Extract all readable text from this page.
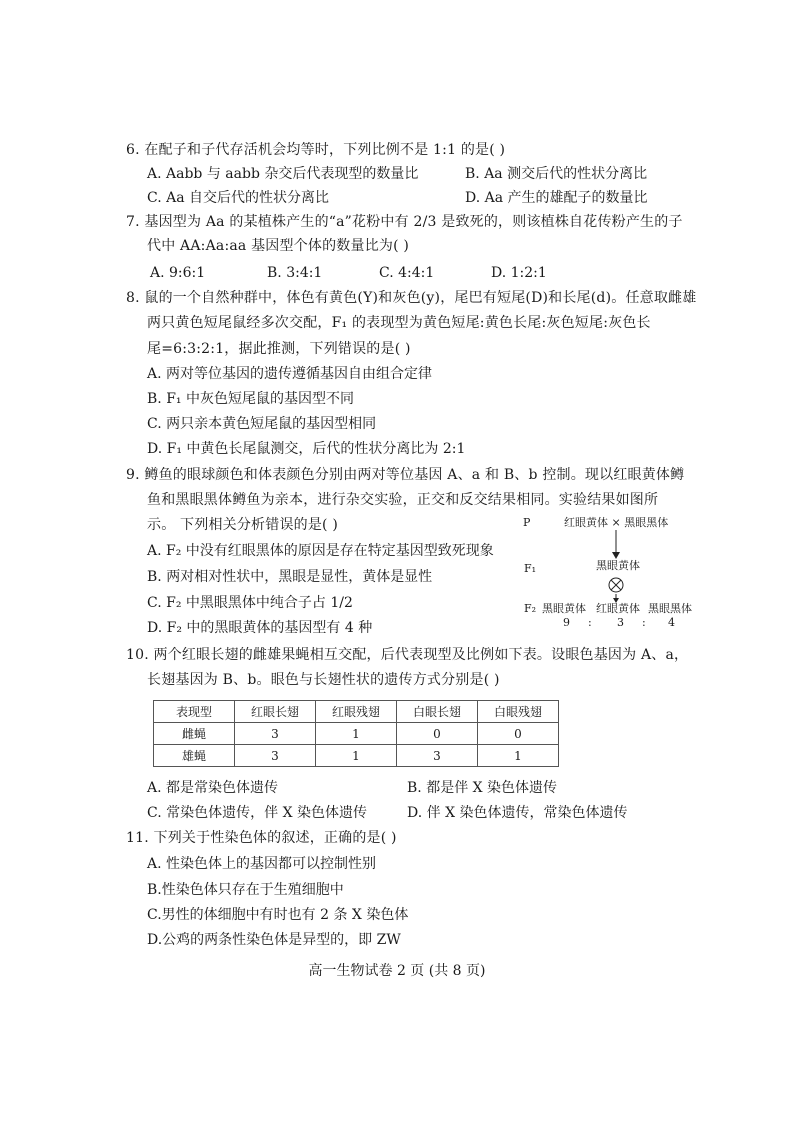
6. 在配子和子代存活机会均等时，下列比例不是 1:1 的是( )
A. Aabb 与 aabb 杂交后代表现型的数量比	B. Aa 测交后代的性状分离比
C. Aa 自交后代的性状分离比	D. Aa 产生的雄配子的数量比
7. 基因型为 Aa 的某植株产生的“a”花粉中有 2/3 是致死的，则该植株自花传粉产生的子
代中 AA:Aa:aa 基因型个体的数量比为( )
A. 9:6:1	B. 3:4:1	C. 4:4:1	D. 1:2:1
8. 鼠的一个自然种群中，体色有黄色(Y)和灰色(y)，尾巴有短尾(D)和长尾(d)。任意取雌雄
两只黄色短尾鼠经多次交配，F₁ 的表现型为黄色短尾:黄色长尾:灰色短尾:灰色长
尾=6:3:2:1，据此推测，下列错误的是( )
A. 两对等位基因的遗传遵循基因自由组合定律
B. F₁ 中灰色短尾鼠的基因型不同
C. 两只亲本黄色短尾鼠的基因型相同
D. F₁ 中黄色长尾鼠测交，后代的性状分离比为 2:1
9. 鳟鱼的眼球颜色和体表颜色分别由两对等位基因 A、a 和 B、b 控制。现以红眼黄体鳟
鱼和黑眼黑体鳟鱼为亲本，进行杂交实验，正交和反交结果相同。实验结果如图所
示。 下列相关分析错误的是( )
A. F₂ 中没有红眼黑体的原因是存在特定基因型致死现象
B. 两对相对性状中，黑眼是显性，黄体是显性
C. F₂ 中黑眼黑体中纯合子占 1/2
D. F₂ 中的黑眼黄体的基因型有 4 种
P	红眼黄体 × 黑眼黑体
F₁	黑眼黄体
F₂ 黑眼黄体 红眼黄体 黑眼黑体
9 : 3 : 4
10. 两个红眼长翅的雌雄果蝇相互交配，后代表现型及比例如下表。设眼色基因为 A、a，
长翅基因为 B、b。眼色与长翅性状的遗传方式分别是( )
表现型	红眼长翅	红眼残翅	白眼长翅	白眼残翅
雌蝇	3	1	0	0
雄蝇	3	1	3	1
A. 都是常染色体遗传	B. 都是伴 X 染色体遗传
C. 常染色体遗传，伴 X 染色体遗传	D. 伴 X 染色体遗传，常染色体遗传
11. 下列关于性染色体的叙述，正确的是( )
A. 性染色体上的基因都可以控制性别
B.性染色体只存在于生殖细胞中
C.男性的体细胞中有时也有 2 条 X 染色体
D.公鸡的两条性染色体是异型的，即 ZW
高一生物试卷 2 页 (共 8 页)
